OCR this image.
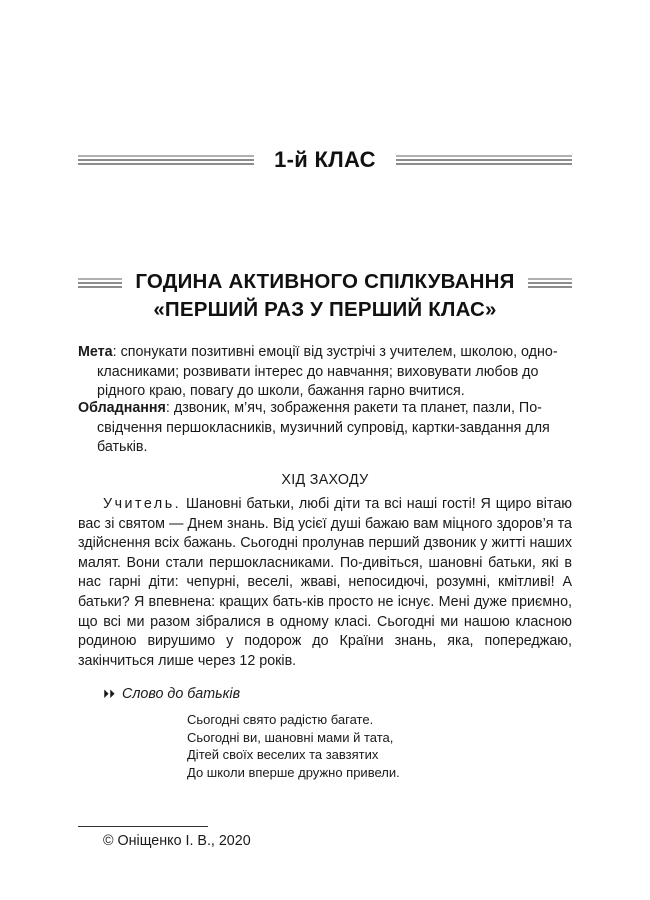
1-й КЛАС
ГОДИНА АКТИВНОГО СПІЛКУВАННЯ
«ПЕРШИЙ РАЗ У ПЕРШИЙ КЛАС»
Мета: спонукати позитивні емоції від зустрічі з учителем, школою, одно-
класниками; розвивати інтерес до навчання; виховувати любов до
рідного краю, повагу до школи, бажання гарно вчитися.
Обладнання: дзвоник, м’яч, зображення ракети та планет, пазли, По-
свідчення першокласників, музичний супровід, картки-завдання для
батьків.
ХІД ЗАХОДУ
Учитель. Шановні батьки, любі діти та всі наші гості! Я щиро вітаю вас зі святом — Днем знань. Від усієї душі бажаю вам міцного здоров’я та здійснення всіх бажань. Сьогодні пролунав перший дзвоник у житті наших малят. Вони стали першокласниками. По-дивіться, шановні батьки, які в нас гарні діти: чепурні, веселі, жваві, непосидючі, розумні, кмітливі! А батьки? Я впевнена: кращих бать-ків просто не існує. Мені дуже приємно, що всі ми разом зібралися в одному класі. Сьогодні ми нашою класною родиною вирушимо у подорож до Країни знань, яка, попереджаю, закінчиться лише через 12 років.
⏵⏵ Слово до батьків
Сьогодні свято радістю багате.
Сьогодні ви, шановні мами й тата,
Дітей своїх веселих та завзятих
До школи вперше дружно привели.
© Оніщенко І. В., 2020
